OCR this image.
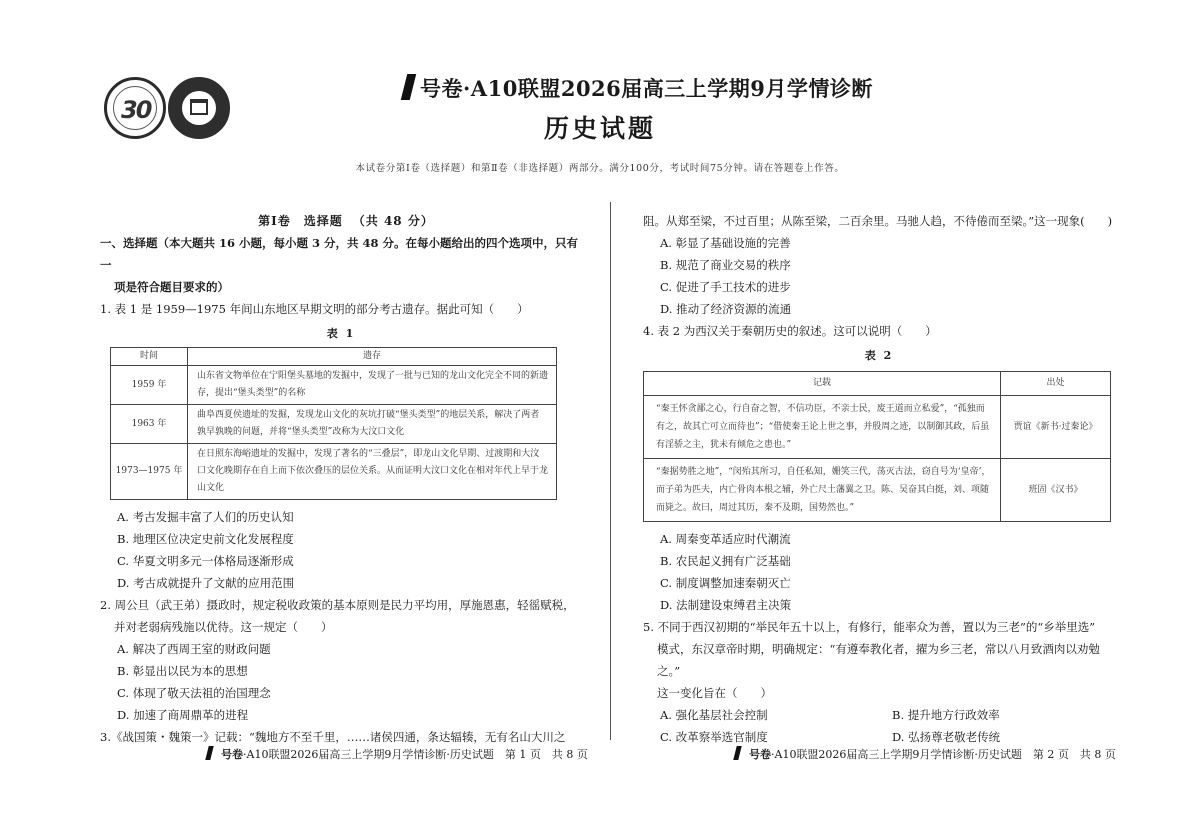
30
号卷·A10联盟2026届高三上学期9月学情诊断
历史试题
本试卷分第Ⅰ卷（选择题）和第Ⅱ卷（非选择题）两部分。满分100分，考试时间75分钟。请在答题卷上作答。
第Ⅰ卷　选择题 （共 48 分）
一、选择题（本大题共 16 小题，每小题 3 分，共 48 分。在每小题给出的四个选项中，只有一
项是符合题目要求的）
1. 表 1 是 1959—1975 年间山东地区早期文明的部分考古遗存。据此可知（　　）
表 1
时间	遗存
1959 年	山东省文物单位在宁阳堡头墓地的发掘中，发现了一批与已知的龙山文化完全不同的新遗存，提出“堡头类型”的名称
1963 年	曲阜西夏侯遗址的发掘，发现龙山文化的灰坑打破“堡头类型”的地层关系，解决了两者孰早孰晚的问题，并将“堡头类型”改称为大汶口文化
1973—1975 年	在日照东海峪遗址的发掘中，发现了著名的“三叠层”，即龙山文化早期、过渡期和大汶口文化晚期存在自上而下依次叠压的层位关系。从而证明大汶口文化在相对年代上早于龙山文化
A. 考古发掘丰富了人们的历史认知
B. 地理区位决定史前文化发展程度
C. 华夏文明多元一体格局逐渐形成
D. 考古成就提升了文献的应用范围
2. 周公旦（武王弟）摄政时，规定税收政策的基本原则是民力平均用，厚施恩惠，轻徭赋税，
并对老弱病残施以优待。这一规定（　　）
A. 解决了西周王室的财政问题
B. 彰显出以民为本的思想
C. 体现了敬天法祖的治国理念
D. 加速了商周鼎革的进程
3.《战国策・魏策一》记载：“魏地方不至千里，……诸侯四通，条达辐辏，无有名山大川之
阻。从郑至梁，不过百里；从陈至梁，二百余里。马驰人趋，不待倦而至梁。”这一现象(　　)
A. 彰显了基础设施的完善
B. 规范了商业交易的秩序
C. 促进了手工技术的进步
D. 推动了经济资源的流通
4. 表 2 为西汉关于秦朝历史的叙述。这可以说明（　　）
表 2
记载	出处
“秦王怀贪鄙之心，行自奋之智，不信功臣，不亲士民，废王道而立私爱”，“孤独而有之，故其亡可立而待也”；“借使秦王论上世之事，并殷周之迹，以制御其政，后虽有淫骄之主，犹未有倾危之患也。”	贾谊《新书·过秦论》
“秦据势胜之地”，“闵殆其所习，自任私知，姗笑三代，荡灭古法，窃自号为‘皇帝’，而子弟为匹夫，内亡骨肉本根之辅，外亡尺土藩翼之卫。陈、吴奋其白挺，刘、项随而毙之。故曰，周过其历，秦不及期，国势然也。”	班固《汉书》
A. 周秦变革适应时代潮流
B. 农民起义拥有广泛基础
C. 制度调整加速秦朝灭亡
D. 法制建设束缚君主决策
5. 不同于西汉初期的“举民年五十以上，有修行，能率众为善，置以为三老”的“乡举里选”
模式，东汉章帝时期，明确规定：“有遵奉教化者，擢为乡三老，常以八月致酒肉以劝勉之。”
这一变化旨在（　　）
A. 强化基层社会控制	B. 提升地方行政效率
C. 改革察举选官制度	D. 弘扬尊老敬老传统
号卷·A10联盟2026届高三上学期9月学情诊断·历史试题　第 1 页　共 8 页	号卷·A10联盟2026届高三上学期9月学情诊断·历史试题　第 2 页　共 8 页
